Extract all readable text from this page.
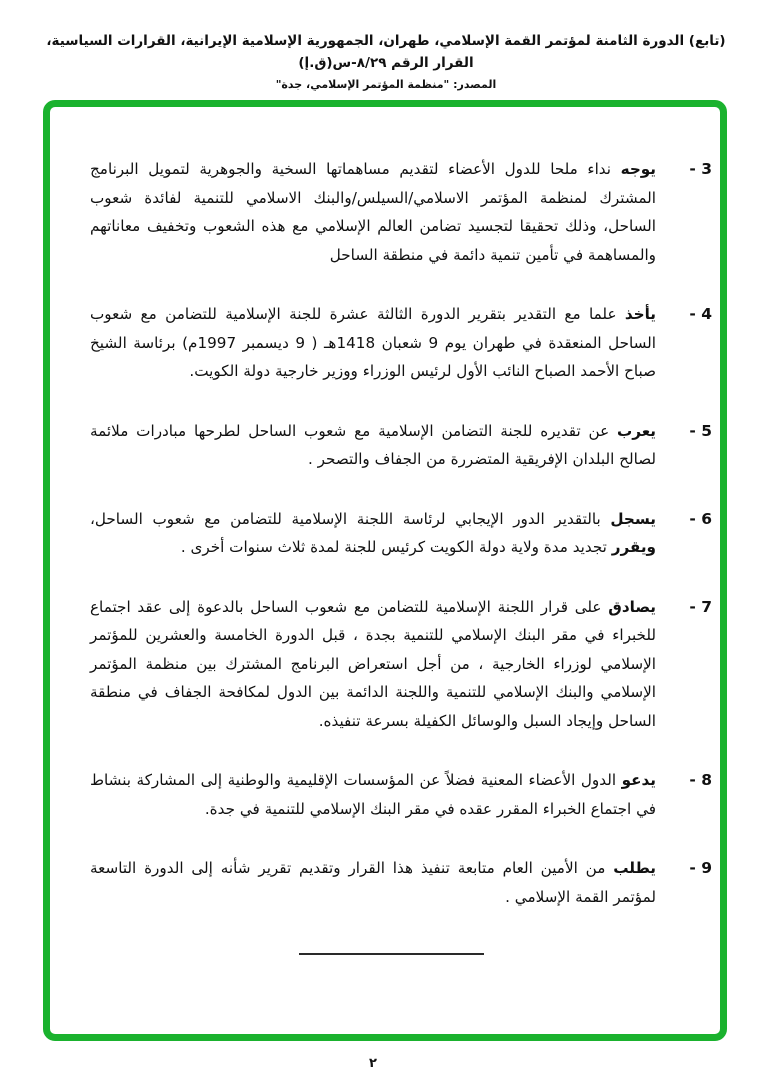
(تابع) الدورة الثامنة لمؤتمر القمة الإسلامي، طهران، الجمهورية الإسلامية الإيرانية، القرارات السياسية، القرار الرقم ٢٩‏/‏٨‏-س(ق.إ)
المصدر: "منظمة المؤتمر الإسلامي، جدة"
3 -

يوجه نداء ملحا للدول الأعضاء لتقديم مساهماتها السخية والجوهرية لتمويل البرنامج المشترك لمنظمة المؤتمر الاسلامي/السيلس/والبنك الاسلامي للتنمية لفائدة شعوب الساحل، وذلك تحقيقا لتجسيد تضامن العالم الإسلامي مع هذه الشعوب وتخفيف معاناتهم والمساهمة في تأمين تنمية دائمة في منطقة الساحل

4 -

يأخذ علما مع التقدير بتقرير الدورة الثالثة عشرة للجنة الإسلامية للتضامن مع شعوب الساحل المنعقدة في طهران يوم 9 شعبان 1418هـ ( 9 ديسمبر 1997م) برئاسة الشيخ صباح الأحمد الصباح النائب الأول لرئيس الوزراء ووزير خارجية دولة الكويت.

5 -

يعرب عن تقديره للجنة التضامن الإسلامية مع شعوب الساحل لطرحها مبادرات ملائمة لصالح البلدان الإفريقية المتضررة من الجفاف والتصحر .

6 -

يسجل بالتقدير الدور الإيجابي لرئاسة اللجنة الإسلامية للتضامن مع شعوب الساحل، ويقرر تجديد مدة ولاية دولة الكويت كرئيس للجنة لمدة ثلاث سنوات أخرى .

7 -

يصادق على قرار اللجنة الإسلامية للتضامن مع شعوب الساحل بالدعوة إلى عقد اجتماع للخبراء في مقر البنك الإسلامي للتنمية بجدة ، قبل الدورة الخامسة والعشرين للمؤتمر الإسلامي لوزراء الخارجية ، من أجل استعراض البرنامج المشترك بين منظمة المؤتمر الإسلامي والبنك الإسلامي للتنمية واللجنة الدائمة بين الدول لمكافحة الجفاف في منطقة الساحل وإيجاد السبل والوسائل الكفيلة بسرعة تنفيذه.

8 -

يدعو الدول الأعضاء المعنية فضلاً عن المؤسسات الإقليمية والوطنية إلى المشاركة بنشاط في اجتماع الخبراء المقرر عقده في مقر البنك الإسلامي للتنمية في جدة.

9 -

يطلب من الأمين العام متابعة تنفيذ هذا القرار وتقديم تقرير شأنه إلى الدورة التاسعة لمؤتمر القمة الإسلامي .

٢
